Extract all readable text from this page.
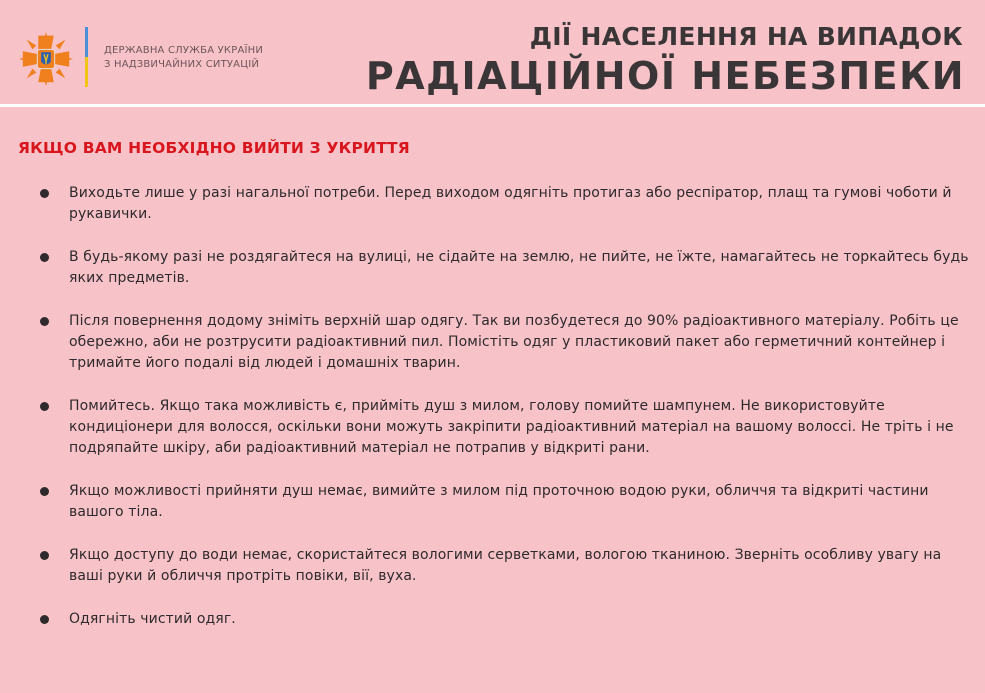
ДЕРЖАВНА СЛУЖБА УКРАЇНИ
З НАДЗВИЧАЙНИХ СИТУАЦІЙ
ДІЇ НАСЕЛЕННЯ НА ВИПАДОК
РАДІАЦІЙНОЇ НЕБЕЗПЕКИ
ЯКЩО ВАМ НЕОБХІДНО ВИЙТИ З УКРИТТЯ
Виходьте лише у разі нагальної потреби. Перед виходом одягніть протигаз або респіратор, плащ та гумові чоботи й рукавички.
В будь-якому разі не роздягайтеся на вулиці, не сідайте на землю, не пийте, не їжте, намагайтесь не торкайтесь будь яких предметів.
Після повернення додому зніміть верхній шар одягу. Так ви позбудетеся до 90% радіоактивного матеріалу. Робіть це обережно, аби не розтрусити радіоактивний пил. Помістіть одяг у пластиковий пакет або герметичний контейнер і тримайте його подалі від людей і домашніх тварин.
Помийтесь. Якщо така можливість є, прийміть душ з милом, голову помийте шампунем. Не використовуйте кондиціонери для волосся, оскільки вони можуть закріпити радіоактивний матеріал на вашому волоссі. Не тріть і не подряпайте шкіру, аби радіоактивний матеріал не потрапив у відкриті рани.
Якщо можливості прийняти душ немає, вимийте з милом під проточною водою руки, обличчя та відкриті частини вашого тіла.
Якщо доступу до води немає, скористайтеся вологими серветками, вологою тканиною. Зверніть особливу увагу на ваші руки й обличчя протріть повіки, вії, вуха.
Одягніть чистий одяг.
